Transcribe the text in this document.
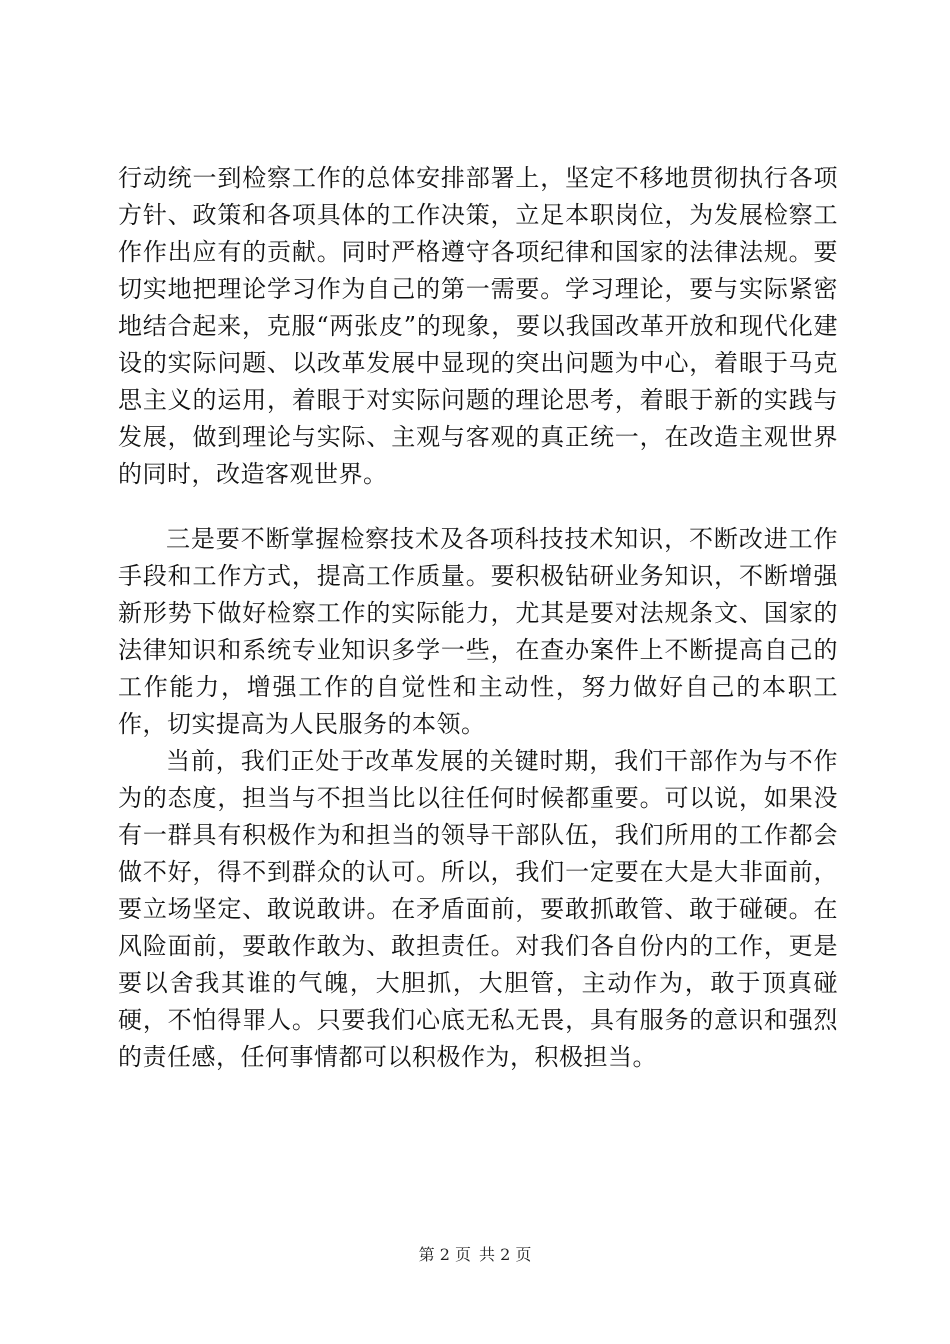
行动统一到检察工作的总体安排部署上，坚定不移地贯彻执行各项方针、政策和各项具体的工作决策，立足本职岗位，为发展检察工作作出应有的贡献。同时严格遵守各项纪律和国家的法律法规。要切实地把理论学习作为自己的第一需要。学习理论，要与实际紧密地结合起来，克服“两张皮”的现象，要以我国改革开放和现代化建设的实际问题、以改革发展中显现的突出问题为中心，着眼于马克思主义的运用，着眼于对实际问题的理论思考，着眼于新的实践与发展，做到理论与实际、主观与客观的真正统一，在改造主观世界的同时，改造客观世界。

三是要不断掌握检察技术及各项科技技术知识，不断改进工作手段和工作方式，提高工作质量。要积极钻研业务知识，不断增强新形势下做好检察工作的实际能力，尤其是要对法规条文、国家的法律知识和系统专业知识多学一些，在查办案件上不断提高自己的工作能力，增强工作的自觉性和主动性，努力做好自己的本职工作，切实提高为人民服务的本领。

当前，我们正处于改革发展的关键时期，我们干部作为与不作为的态度，担当与不担当比以往任何时候都重要。可以说，如果没有一群具有积极作为和担当的领导干部队伍，我们所用的工作都会做不好，得不到群众的认可。所以，我们一定要在大是大非面前，要立场坚定、敢说敢讲。在矛盾面前，要敢抓敢管、敢于碰硬。在风险面前，要敢作敢为、敢担责任。对我们各自份内的工作，更是要以舍我其谁的气魄，大胆抓，大胆管，主动作为，敢于顶真碰硬，不怕得罪人。只要我们心底无私无畏，具有服务的意识和强烈的责任感，任何事情都可以积极作为，积极担当。

第 2 页 共 2 页
